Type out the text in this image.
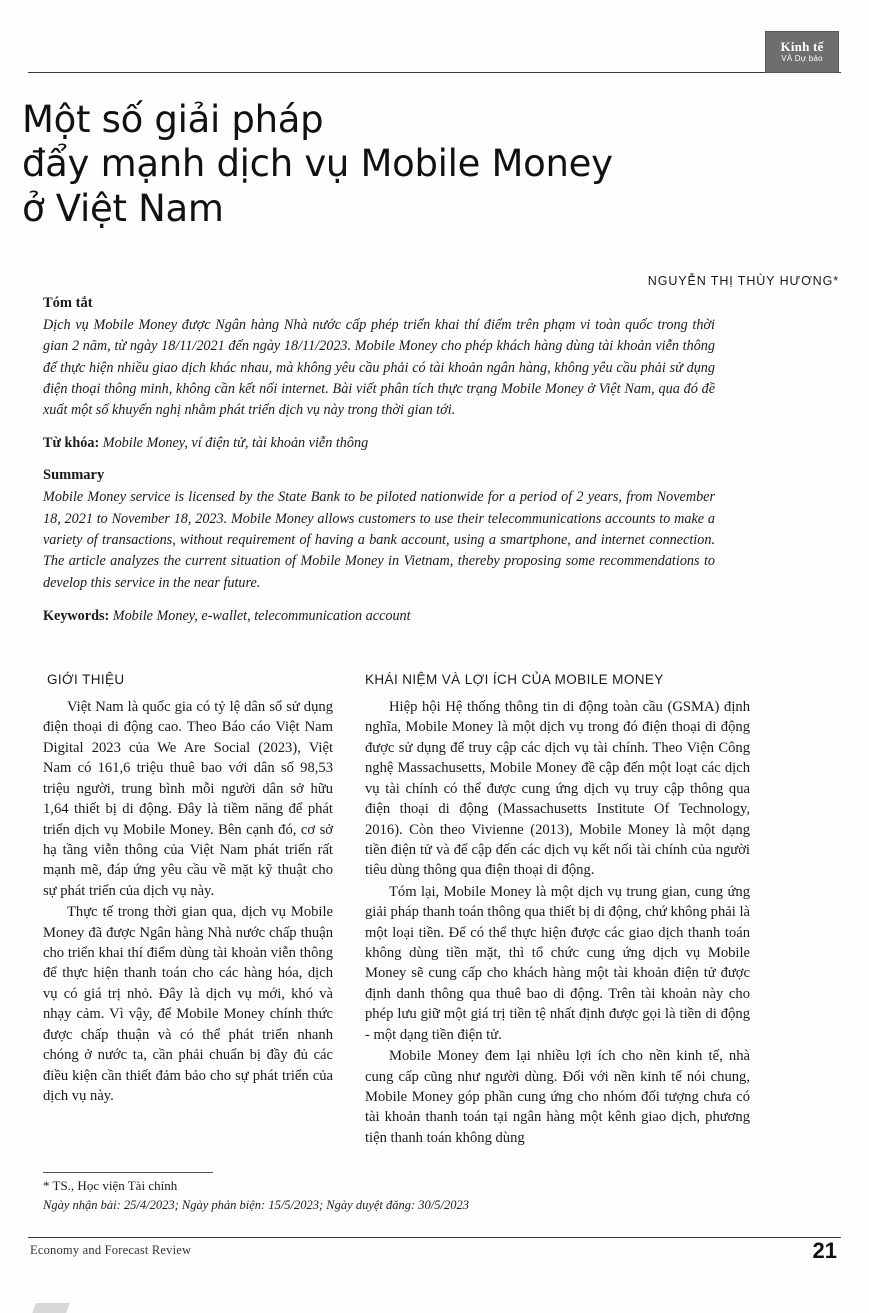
Kinh tế
VÀ Dự báo
Một số giải pháp
đẩy mạnh dịch vụ Mobile Money
ở Việt Nam
NGUYỄN THỊ THÙY HƯƠNG*
Tóm tắt
Dịch vụ Mobile Money được Ngân hàng Nhà nước cấp phép triển khai thí điểm trên phạm vi toàn quốc trong thời gian 2 năm, từ ngày 18/11/2021 đến ngày 18/11/2023. Mobile Money cho phép khách hàng dùng tài khoản viễn thông để thực hiện nhiều giao dịch khác nhau, mà không yêu cầu phải có tài khoản ngân hàng, không yêu cầu phải sử dụng điện thoại thông minh, không cần kết nối internet. Bài viết phân tích thực trạng Mobile Money ở Việt Nam, qua đó đề xuất một số khuyến nghị nhằm phát triển dịch vụ này trong thời gian tới.
Từ khóa: Mobile Money, ví điện tử, tài khoản viễn thông
Summary
Mobile Money service is licensed by the State Bank to be piloted nationwide for a period of 2 years, from November 18, 2021 to November 18, 2023. Mobile Money allows customers to use their telecommunications accounts to make a variety of transactions, without requirement of having a bank account, using a smartphone, and internet connection. The article analyzes the current situation of Mobile Money in Vietnam, thereby proposing some recommendations to develop this service in the near future.
Keywords: Mobile Money, e-wallet, telecommunication account
GIỚI THIỆU

Việt Nam là quốc gia có tỷ lệ dân số sử dụng điện thoại di động cao. Theo Báo cáo Việt Nam Digital 2023 của We Are Social (2023), Việt Nam có 161,6 triệu thuê bao với dân số 98,53 triệu người, trung bình mỗi người dân sở hữu 1,64 thiết bị di động. Đây là tiềm năng để phát triển dịch vụ Mobile Money. Bên cạnh đó, cơ sở hạ tầng viễn thông của Việt Nam phát triển rất mạnh mẽ, đáp ứng yêu cầu về mặt kỹ thuật cho sự phát triển của dịch vụ này.

Thực tế trong thời gian qua, dịch vụ Mobile Money đã được Ngân hàng Nhà nước chấp thuận cho triển khai thí điểm dùng tài khoản viễn thông để thực hiện thanh toán cho các hàng hóa, dịch vụ có giá trị nhỏ. Đây là dịch vụ mới, khó và nhạy cảm. Vì vậy, để Mobile Money chính thức được chấp thuận và có thể phát triển nhanh chóng ở nước ta, cần phải chuẩn bị đầy đủ các điều kiện cần thiết đảm bảo cho sự phát triển của dịch vụ này.

KHÁI NIỆM VÀ LỢI ÍCH CỦA MOBILE MONEY

Hiệp hội Hệ thống thông tin di động toàn cầu (GSMA) định nghĩa, Mobile Money là một dịch vụ trong đó điện thoại di động được sử dụng để truy cập các dịch vụ tài chính. Theo Viện Công nghệ Massachusetts, Mobile Money đề cập đến một loạt các dịch vụ tài chính có thể được cung ứng dịch vụ truy cập thông qua điện thoại di động (Massachusetts Institute Of Technology, 2016). Còn theo Vivienne (2013), Mobile Money là một dạng tiền điện tử và để cập đến các dịch vụ kết nối tài chính của người tiêu dùng thông qua điện thoại di động.

Tóm lại, Mobile Money là một dịch vụ trung gian, cung ứng giải pháp thanh toán thông qua thiết bị di động, chứ không phải là một loại tiền. Để có thể thực hiện được các giao dịch thanh toán không dùng tiền mặt, thì tổ chức cung ứng dịch vụ Mobile Money sẽ cung cấp cho khách hàng một tài khoản điện tử được định danh thông qua thuê bao di động. Trên tài khoản này cho phép lưu giữ một giá trị tiền tệ nhất định được gọi là tiền di động - một dạng tiền điện tử.

Mobile Money đem lại nhiều lợi ích cho nền kinh tế, nhà cung cấp cũng như người dùng. Đối với nền kinh tế nói chung, Mobile Money góp phần cung ứng cho nhóm đối tượng chưa có tài khoản thanh toán tại ngân hàng một kênh giao dịch, phương tiện thanh toán không dùng

* TS., Học viện Tài chính
Ngày nhận bài: 25/4/2023; Ngày phản biện: 15/5/2023; Ngày duyệt đăng: 30/5/2023
Economy and Forecast Review	21
